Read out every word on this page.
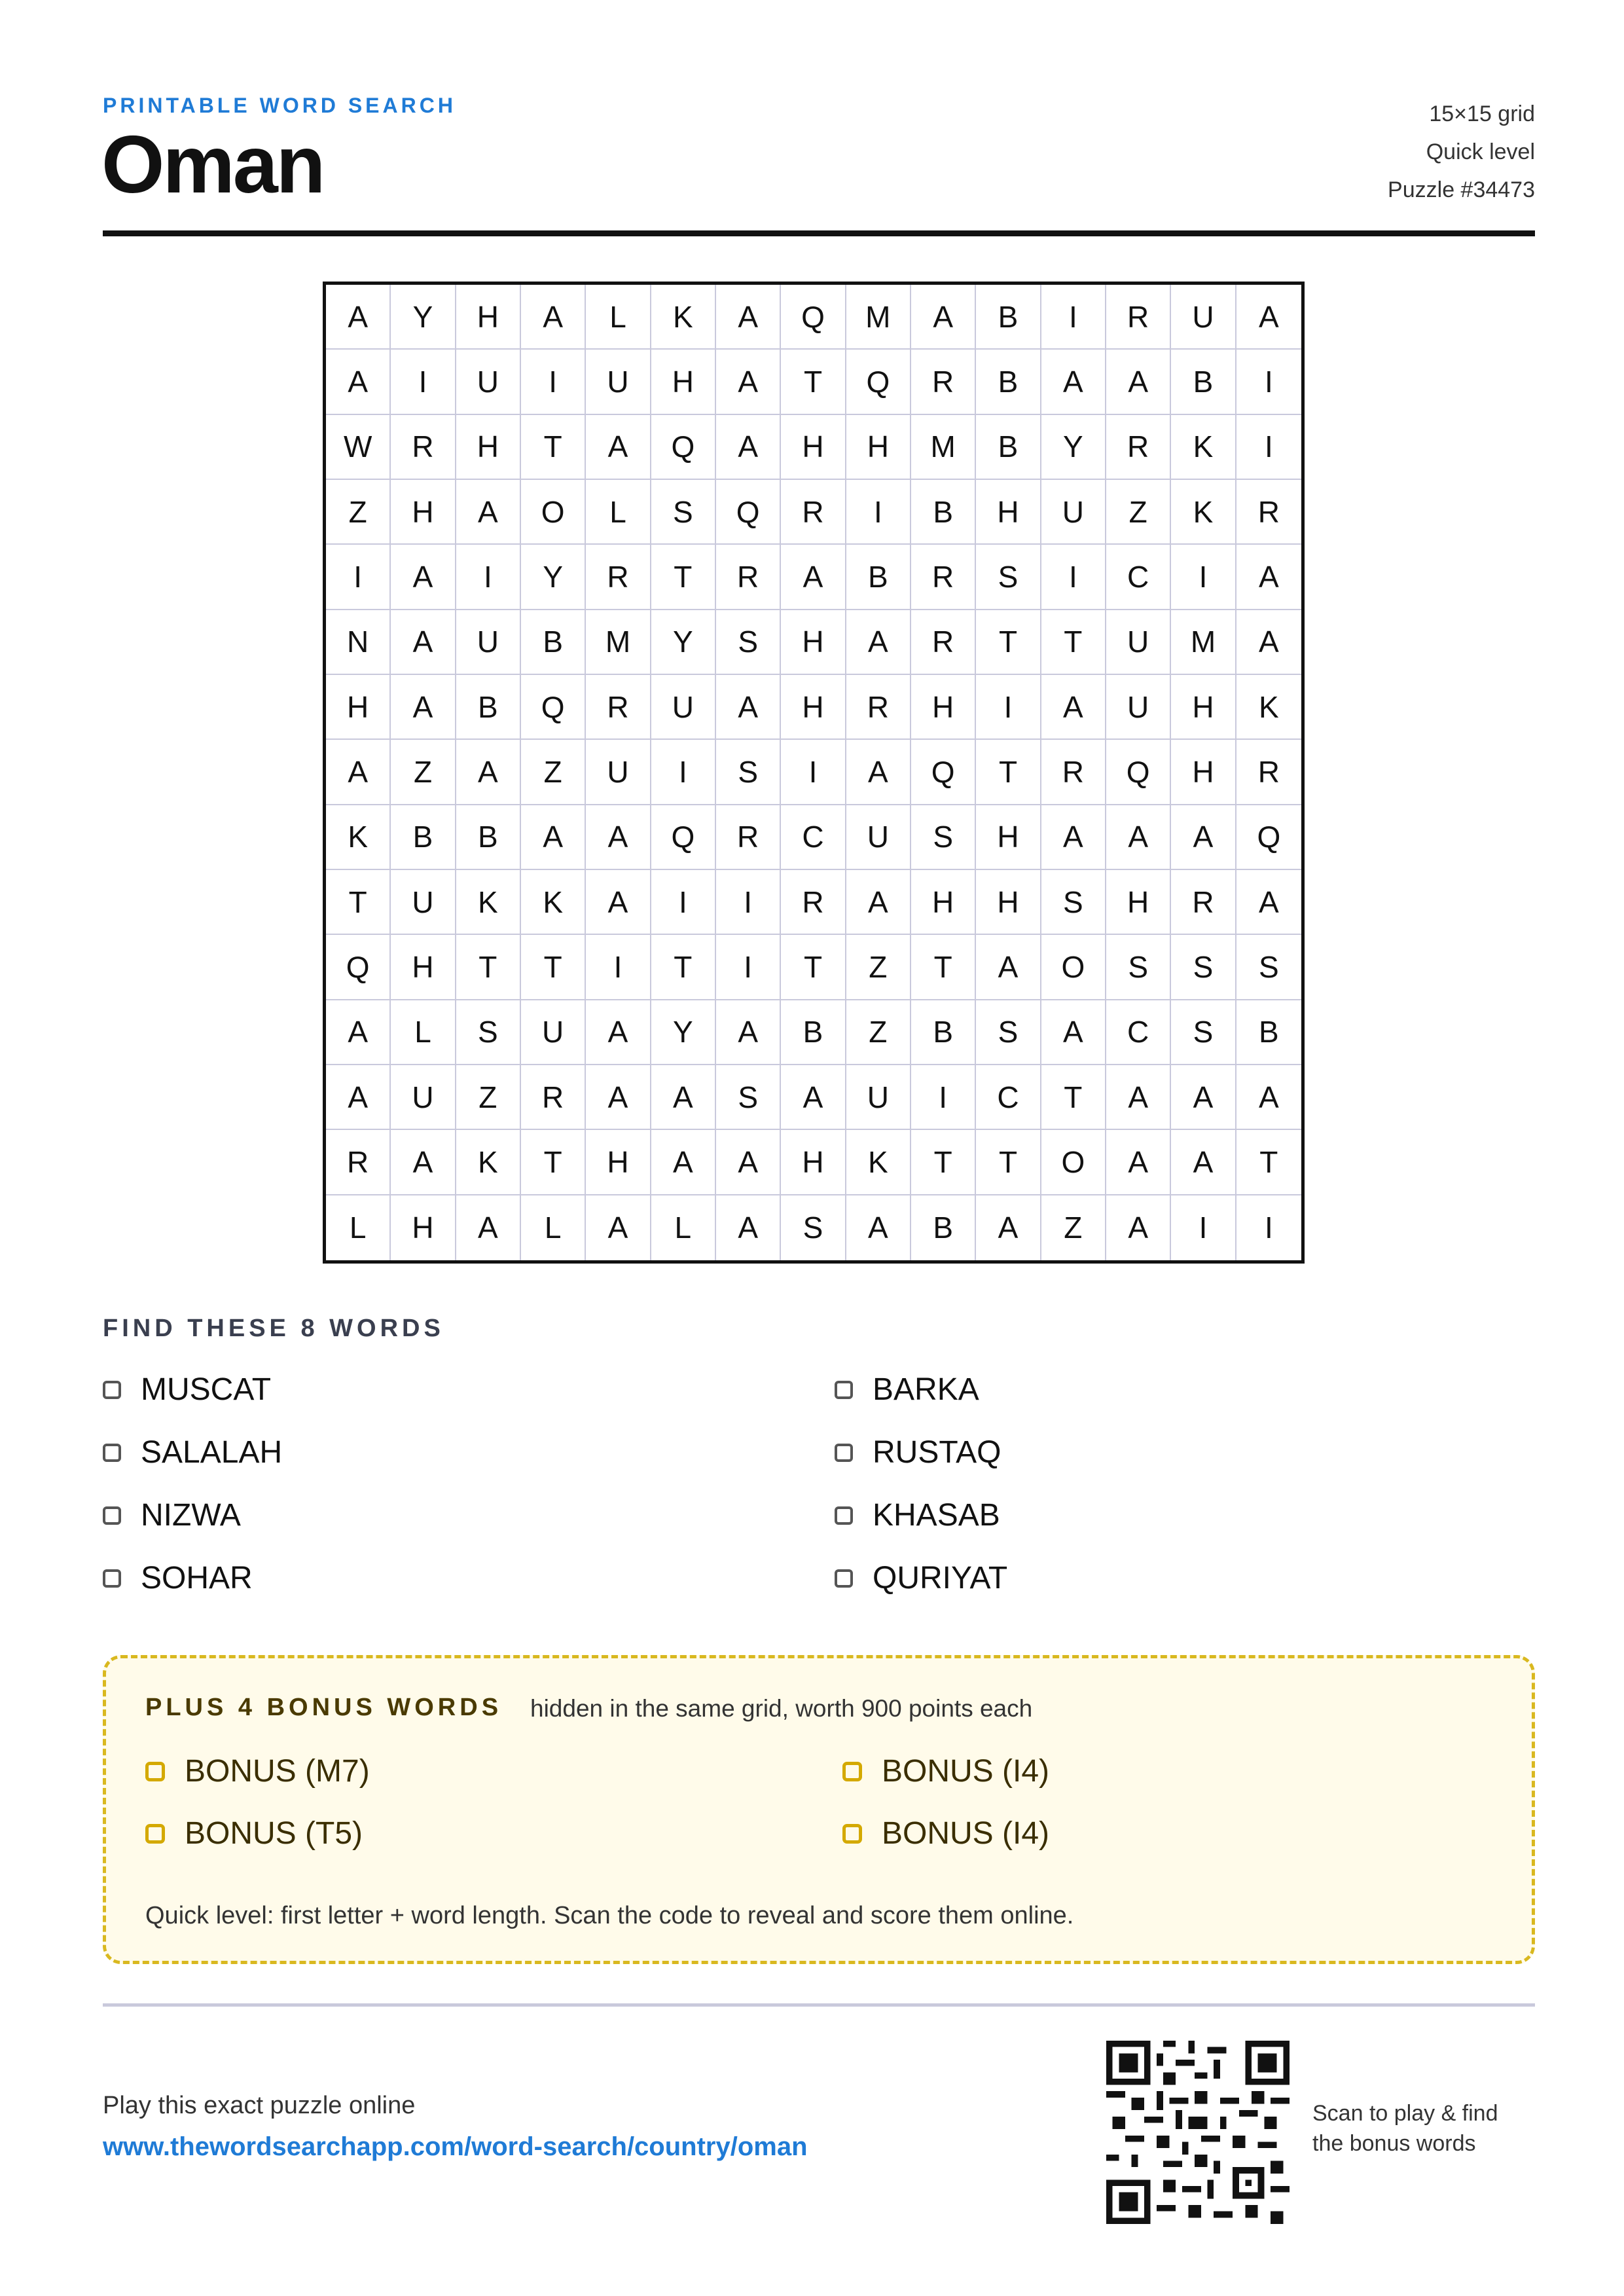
PRINTABLE WORD SEARCH
Oman
15×15 grid
Quick level
Puzzle #34473
A	Y	H	A	L	K	A	Q	M	A	B	I	R	U	A
A	I	U	I	U	H	A	T	Q	R	B	A	A	B	I
W	R	H	T	A	Q	A	H	H	M	B	Y	R	K	I
Z	H	A	O	L	S	Q	R	I	B	H	U	Z	K	R
I	A	I	Y	R	T	R	A	B	R	S	I	C	I	A
N	A	U	B	M	Y	S	H	A	R	T	T	U	M	A
H	A	B	Q	R	U	A	H	R	H	I	A	U	H	K
A	Z	A	Z	U	I	S	I	A	Q	T	R	Q	H	R
K	B	B	A	A	Q	R	C	U	S	H	A	A	A	Q
T	U	K	K	A	I	I	R	A	H	H	S	H	R	A
Q	H	T	T	I	T	I	T	Z	T	A	O	S	S	S
A	L	S	U	A	Y	A	B	Z	B	S	A	C	S	B
A	U	Z	R	A	A	S	A	U	I	C	T	A	A	A
R	A	K	T	H	A	A	H	K	T	T	O	A	A	T
L	H	A	L	A	L	A	S	A	B	A	Z	A	I	I
FIND THESE 8 WORDS
MUSCAT	BARKA
SALALAH	RUSTAQ
NIZWA	KHASAB
SOHAR	QURIYAT
PLUS 4 BONUS WORDS hidden in the same grid, worth 900 points each
BONUS (M7)	BONUS (I4)
BONUS (T5)	BONUS (I4)
Quick level: first letter + word length. Scan the code to reveal and score them online.
Play this exact puzzle online
www.thewordsearchapp.com/word-search/country/oman
Scan to play & find
the bonus words
